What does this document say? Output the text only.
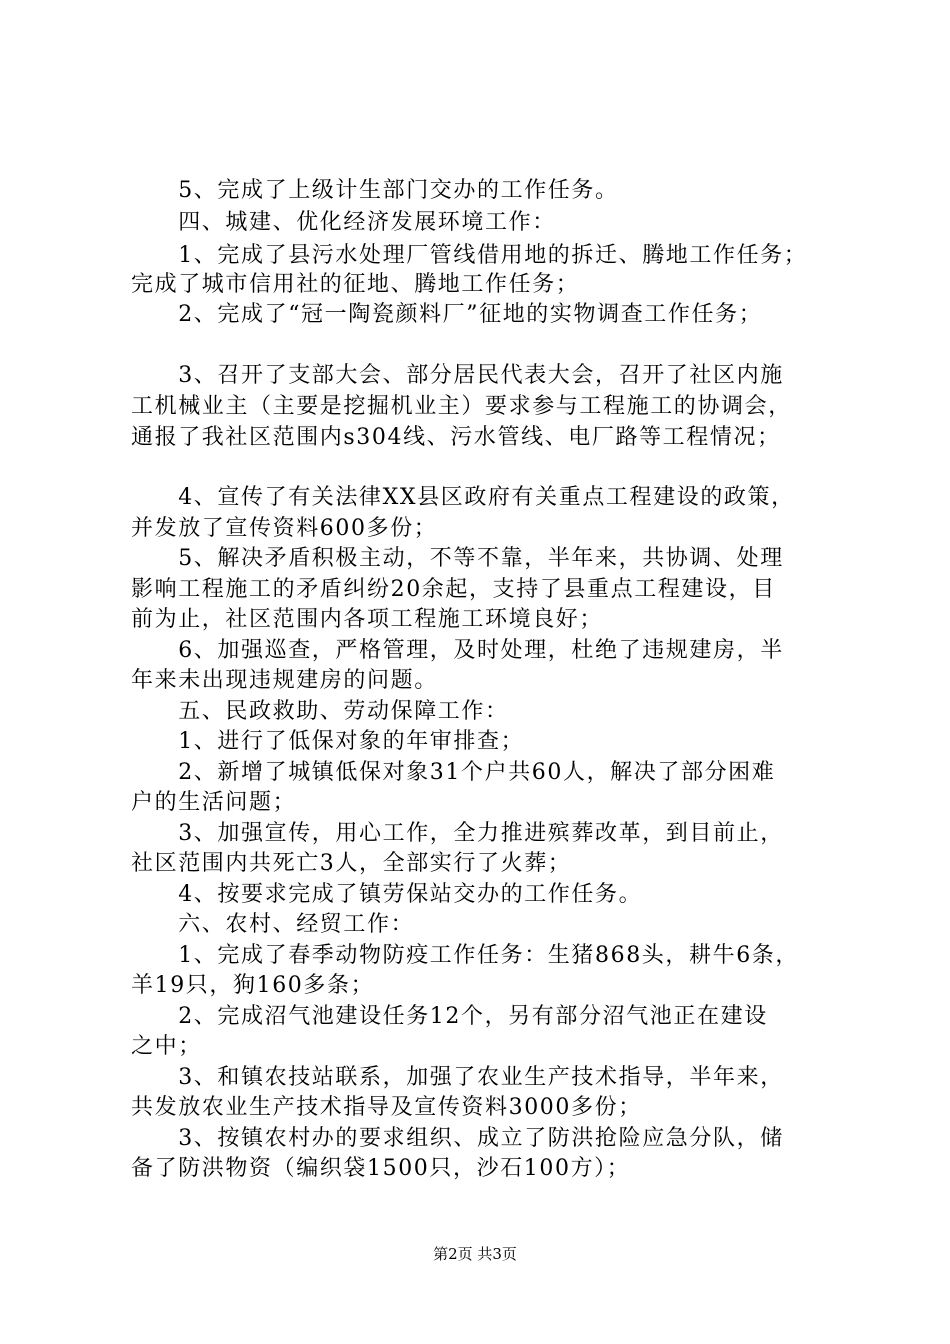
　　5、完成了上级计生部门交办的工作任务。
　　四、城建、优化经济发展环境工作：
　　1、完成了县污水处理厂管线借用地的拆迁、腾地工作任务；
完成了城市信用社的征地、腾地工作任务；
　　2、完成了“冠一陶瓷颜料厂”征地的实物调查工作任务；
　　3、召开了支部大会、部分居民代表大会，召开了社区内施
工机械业主（主要是挖掘机业主）要求参与工程施工的协调会，
通报了我社区范围内s304线、污水管线、电厂路等工程情况；
　　4、宣传了有关法律XX县区政府有关重点工程建设的政策，
并发放了宣传资料600多份；
　　5、解决矛盾积极主动，不等不靠，半年来，共协调、处理
影响工程施工的矛盾纠纷20余起，支持了县重点工程建设，目
前为止，社区范围内各项工程施工环境良好；
　　6、加强巡查，严格管理，及时处理，杜绝了违规建房，半
年来未出现违规建房的问题。
　　五、民政救助、劳动保障工作：
　　1、进行了低保对象的年审排查；
　　2、新增了城镇低保对象31个户共60人，解决了部分困难
户的生活问题；
　　3、加强宣传，用心工作，全力推进殡葬改革，到目前止，
社区范围内共死亡3人，全部实行了火葬；
　　4、按要求完成了镇劳保站交办的工作任务。
　　六、农村、经贸工作：
　　1、完成了春季动物防疫工作任务：生猪868头，耕牛6条，
羊19只，狗160多条；
　　2、完成沼气池建设任务12个，另有部分沼气池正在建设
之中；
　　3、和镇农技站联系，加强了农业生产技术指导，半年来，
共发放农业生产技术指导及宣传资料3000多份；
　　3、按镇农村办的要求组织、成立了防洪抢险应急分队，储
备了防洪物资（编织袋1500只，沙石100方）；
第2页 共3页
